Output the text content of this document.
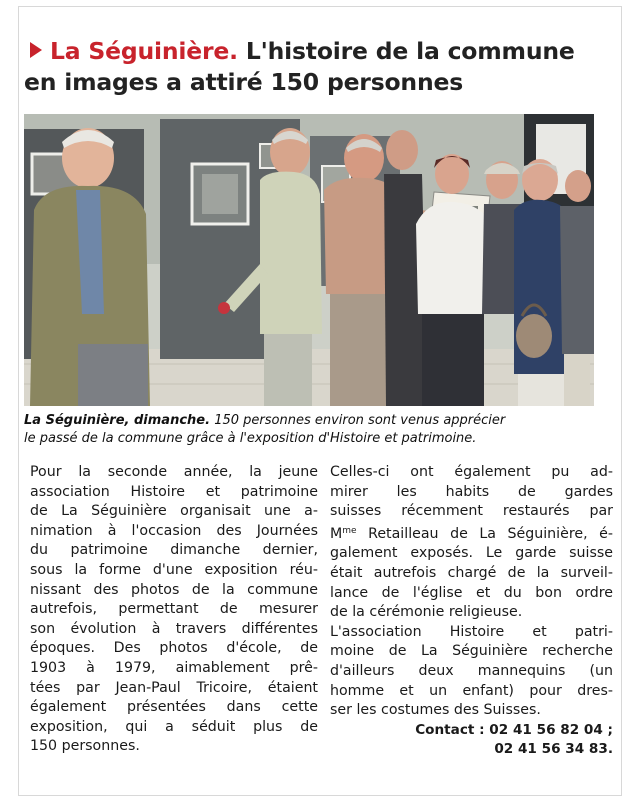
La Séguinière. L'histoire de la commune
en images a attiré 150 personnes

La Séguinière, dimanche. 150 personnes environ sont venus apprécier
le passé de la commune grâce à l'exposition d'Histoire et patrimoine.

Pour la seconde année, la jeune
association Histoire et patrimoine
de La Séguinière organisait une a-
nimation à l'occasion des Journées
du patrimoine dimanche dernier,
sous la forme d'une exposition réu-
nissant des photos de la commune
autrefois, permettant de mesurer
son évolution à travers différentes
époques. Des photos d'école, de
1903 à 1979, aimablement prê-
tées par Jean-Paul Tricoire, étaient
également présentées dans cette
exposition, qui a séduit plus de
150 personnes.
Celles-ci ont également pu ad-
mirer les habits de gardes
suisses récemment restaurés par
$M^{me}$ Retailleau de La Séguinière, é-
galement exposés. Le garde suisse
était autrefois chargé de la surveil-
lance de l'église et du bon ordre
de la cérémonie religieuse.
L'association Histoire et patri-
moine de La Séguinière recherche
d'ailleurs deux mannequins (un
homme et un enfant) pour dres-
ser les costumes des Suisses.
Contact : 02 41 56 82 04 ;
02 41 56 34 83.
